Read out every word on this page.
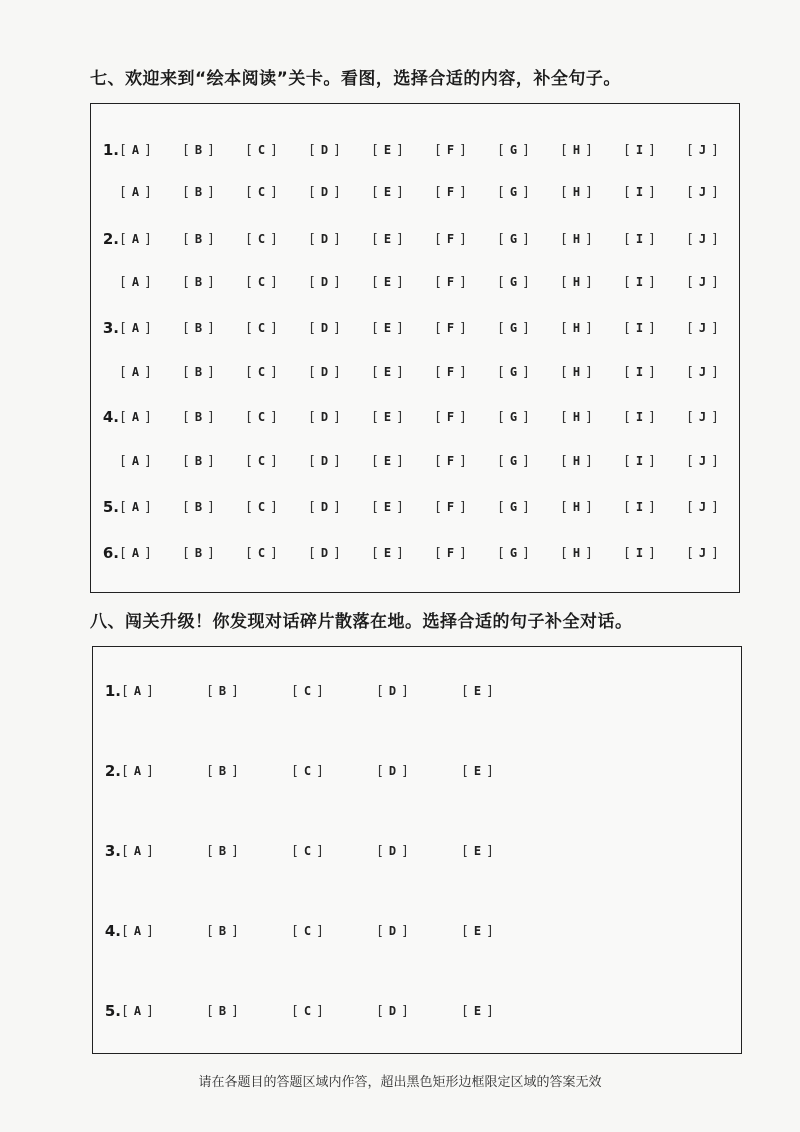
七、欢迎来到“绘本阅读”关卡。看图，选择合适的内容，补全句子。
1. [ A ] [ B ] [ C ] [ D ] [ E ] [ F ] [ G ] [ H ] [ I ] [ J ]
[ A ] [ B ] [ C ] [ D ] [ E ] [ F ] [ G ] [ H ] [ I ] [ J ]
2. [ A ] [ B ] [ C ] [ D ] [ E ] [ F ] [ G ] [ H ] [ I ] [ J ]
[ A ] [ B ] [ C ] [ D ] [ E ] [ F ] [ G ] [ H ] [ I ] [ J ]
3. [ A ] [ B ] [ C ] [ D ] [ E ] [ F ] [ G ] [ H ] [ I ] [ J ]
[ A ] [ B ] [ C ] [ D ] [ E ] [ F ] [ G ] [ H ] [ I ] [ J ]
4. [ A ] [ B ] [ C ] [ D ] [ E ] [ F ] [ G ] [ H ] [ I ] [ J ]
[ A ] [ B ] [ C ] [ D ] [ E ] [ F ] [ G ] [ H ] [ I ] [ J ]
5. [ A ] [ B ] [ C ] [ D ] [ E ] [ F ] [ G ] [ H ] [ I ] [ J ]
6. [ A ] [ B ] [ C ] [ D ] [ E ] [ F ] [ G ] [ H ] [ I ] [ J ]
八、闯关升级！你发现对话碎片散落在地。选择合适的句子补全对话。
1. [ A ]	[ B ]	[ C ]	[ D ]	[ E ]
2. [ A ]	[ B ]	[ C ]	[ D ]	[ E ]
3. [ A ]	[ B ]	[ C ]	[ D ]	[ E ]
4. [ A ]	[ B ]	[ C ]	[ D ]	[ E ]
5. [ A ]	[ B ]	[ C ]	[ D ]	[ E ]
请在各题目的答题区域内作答，超出黑色矩形边框限定区域的答案无效
